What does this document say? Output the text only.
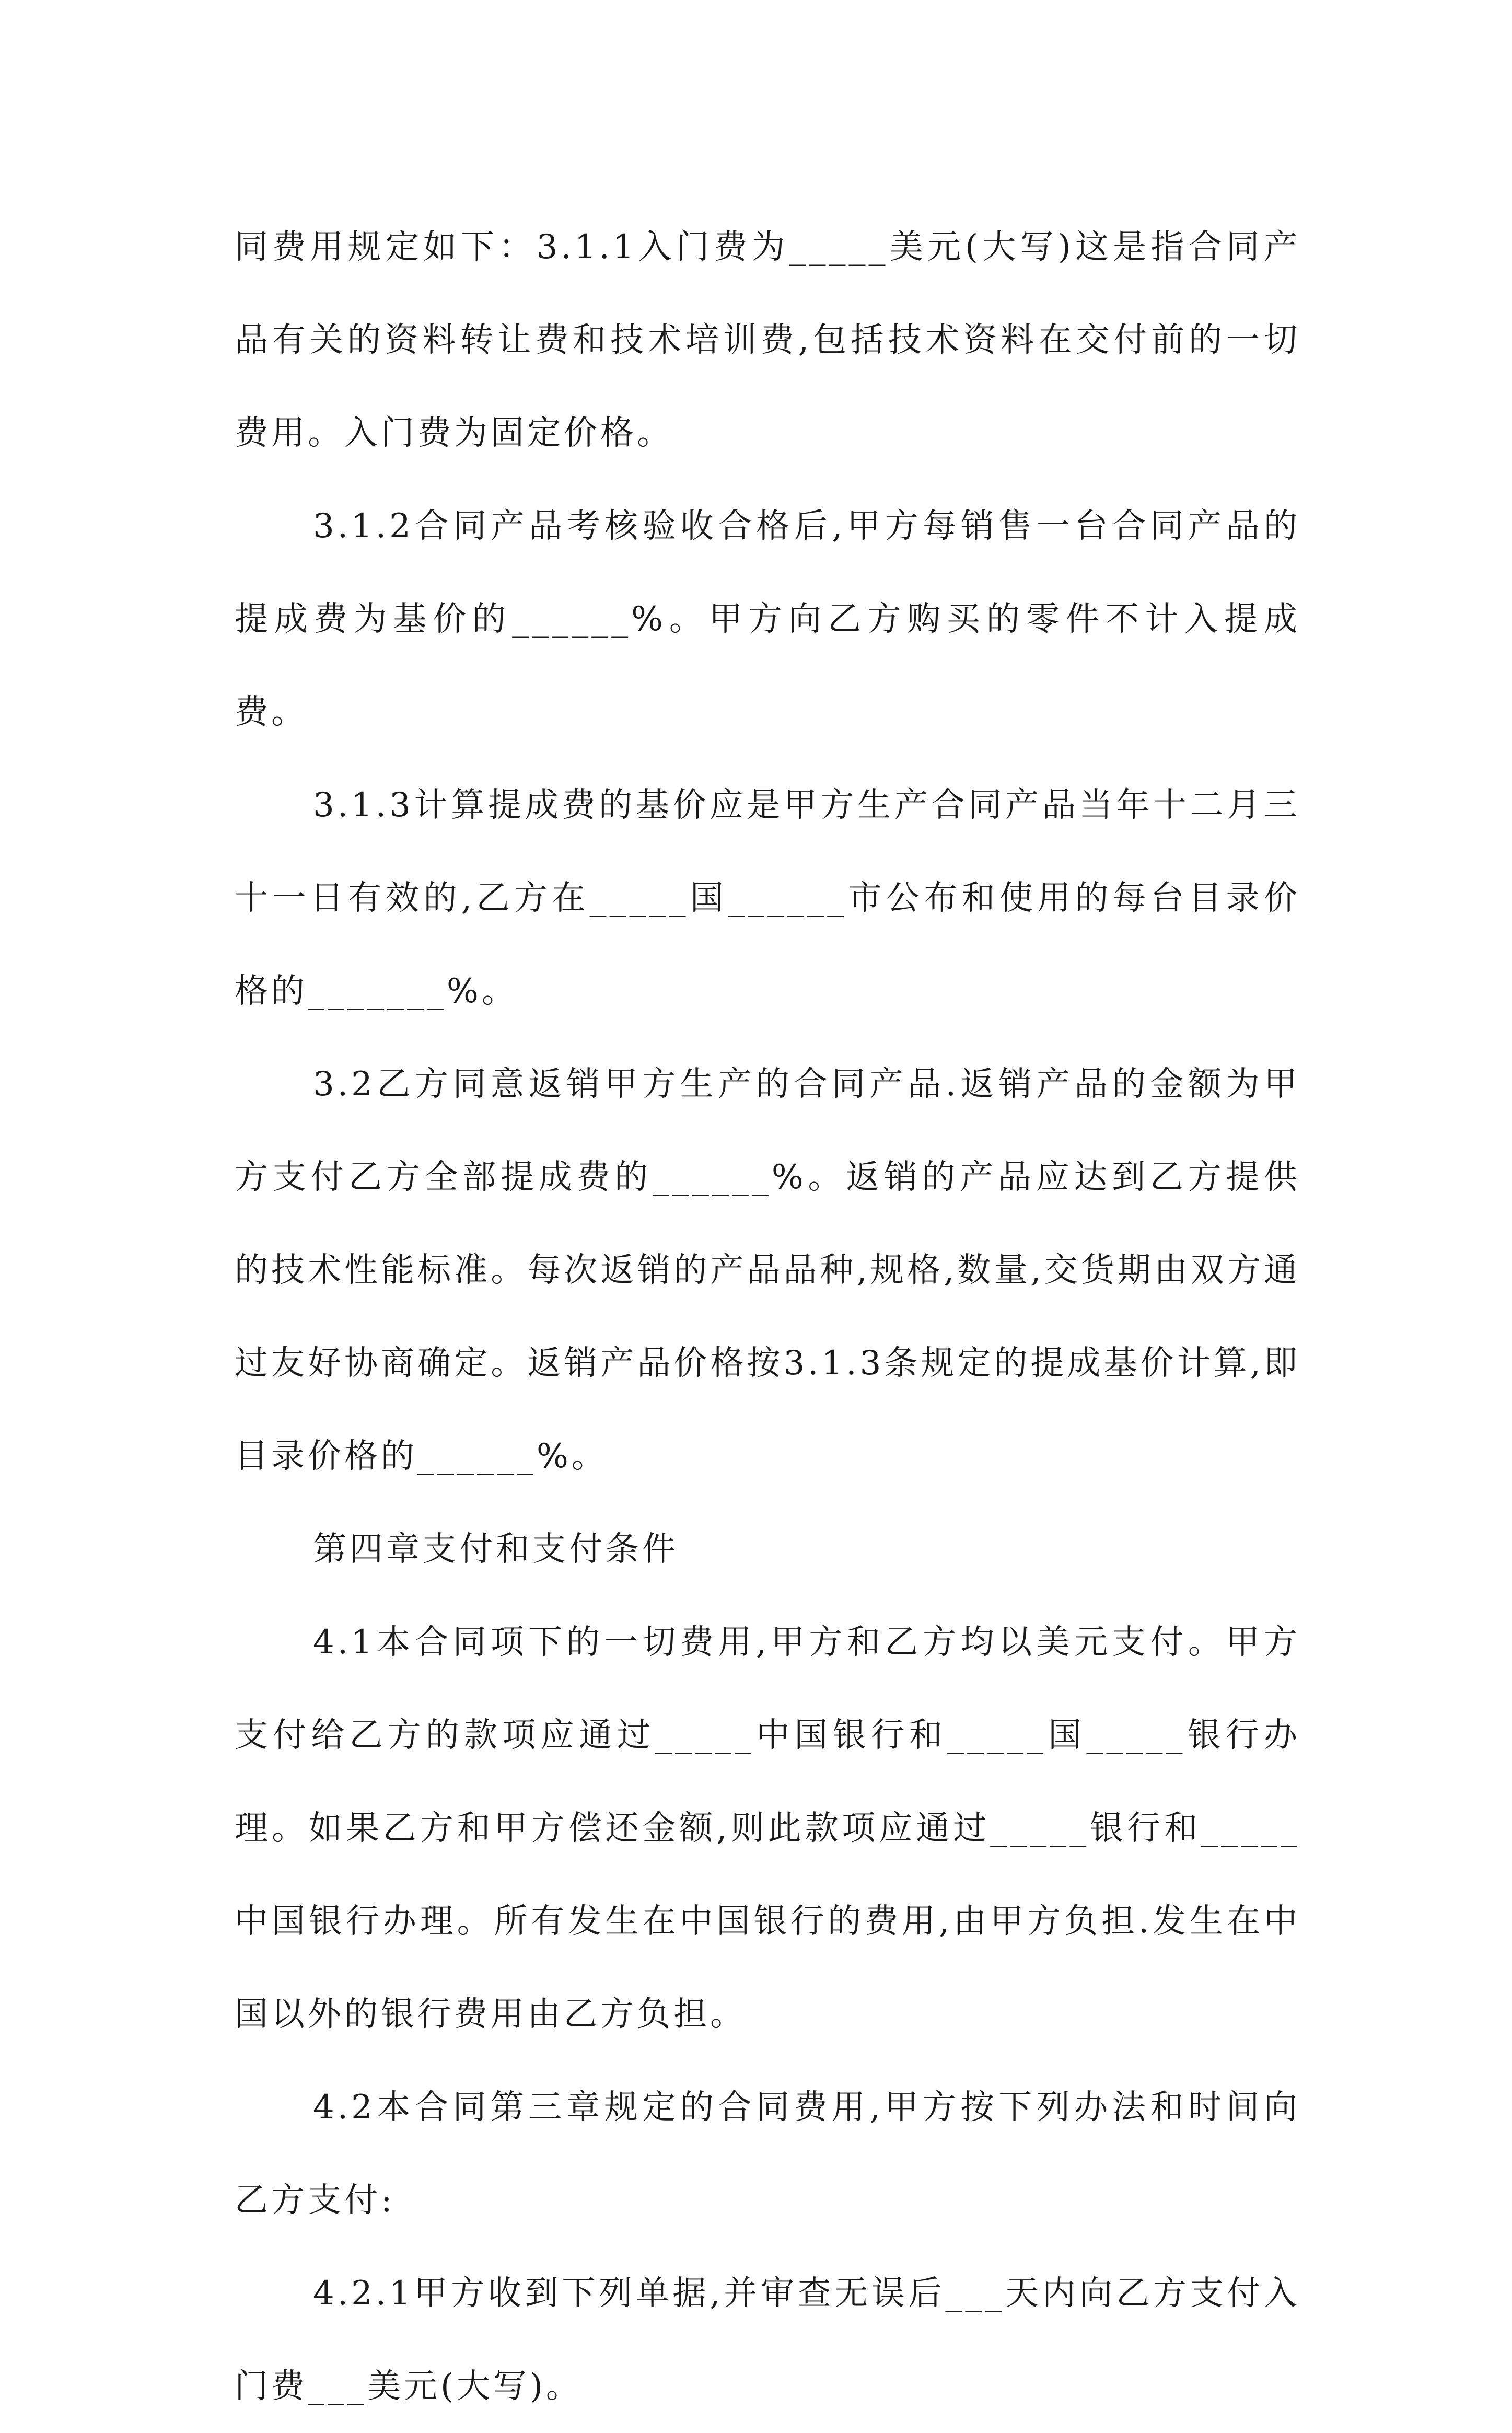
同费用规定如下：3.1.1入门费为_____美元(大写)这是指合同产品有关的资料转让费和技术培训费,包括技术资料在交付前的一切费用。入门费为固定价格。

3.1.2合同产品考核验收合格后,甲方每销售一台合同产品的提成费为基价的______%。甲方向乙方购买的零件不计入提成费。

3.1.3计算提成费的基价应是甲方生产合同产品当年十二月三十一日有效的,乙方在_____国______市公布和使用的每台目录价格的_______%。

3.2乙方同意返销甲方生产的合同产品.返销产品的金额为甲方支付乙方全部提成费的______%。返销的产品应达到乙方提供的技术性能标准。每次返销的产品品种,规格,数量,交货期由双方通过友好协商确定。返销产品价格按3.1.3条规定的提成基价计算,即目录价格的______%。

第四章支付和支付条件

4.1本合同项下的一切费用,甲方和乙方均以美元支付。甲方支付给乙方的款项应通过_____中国银行和_____国_____银行办理。如果乙方和甲方偿还金额,则此款项应通过_____银行和_____中国银行办理。所有发生在中国银行的费用,由甲方负担.发生在中国以外的银行费用由乙方负担。

4.2本合同第三章规定的合同费用,甲方按下列办法和时间向乙方支付:

4.2.1甲方收到下列单据,并审查无误后___天内向乙方支付入门费___美元(大写)。
